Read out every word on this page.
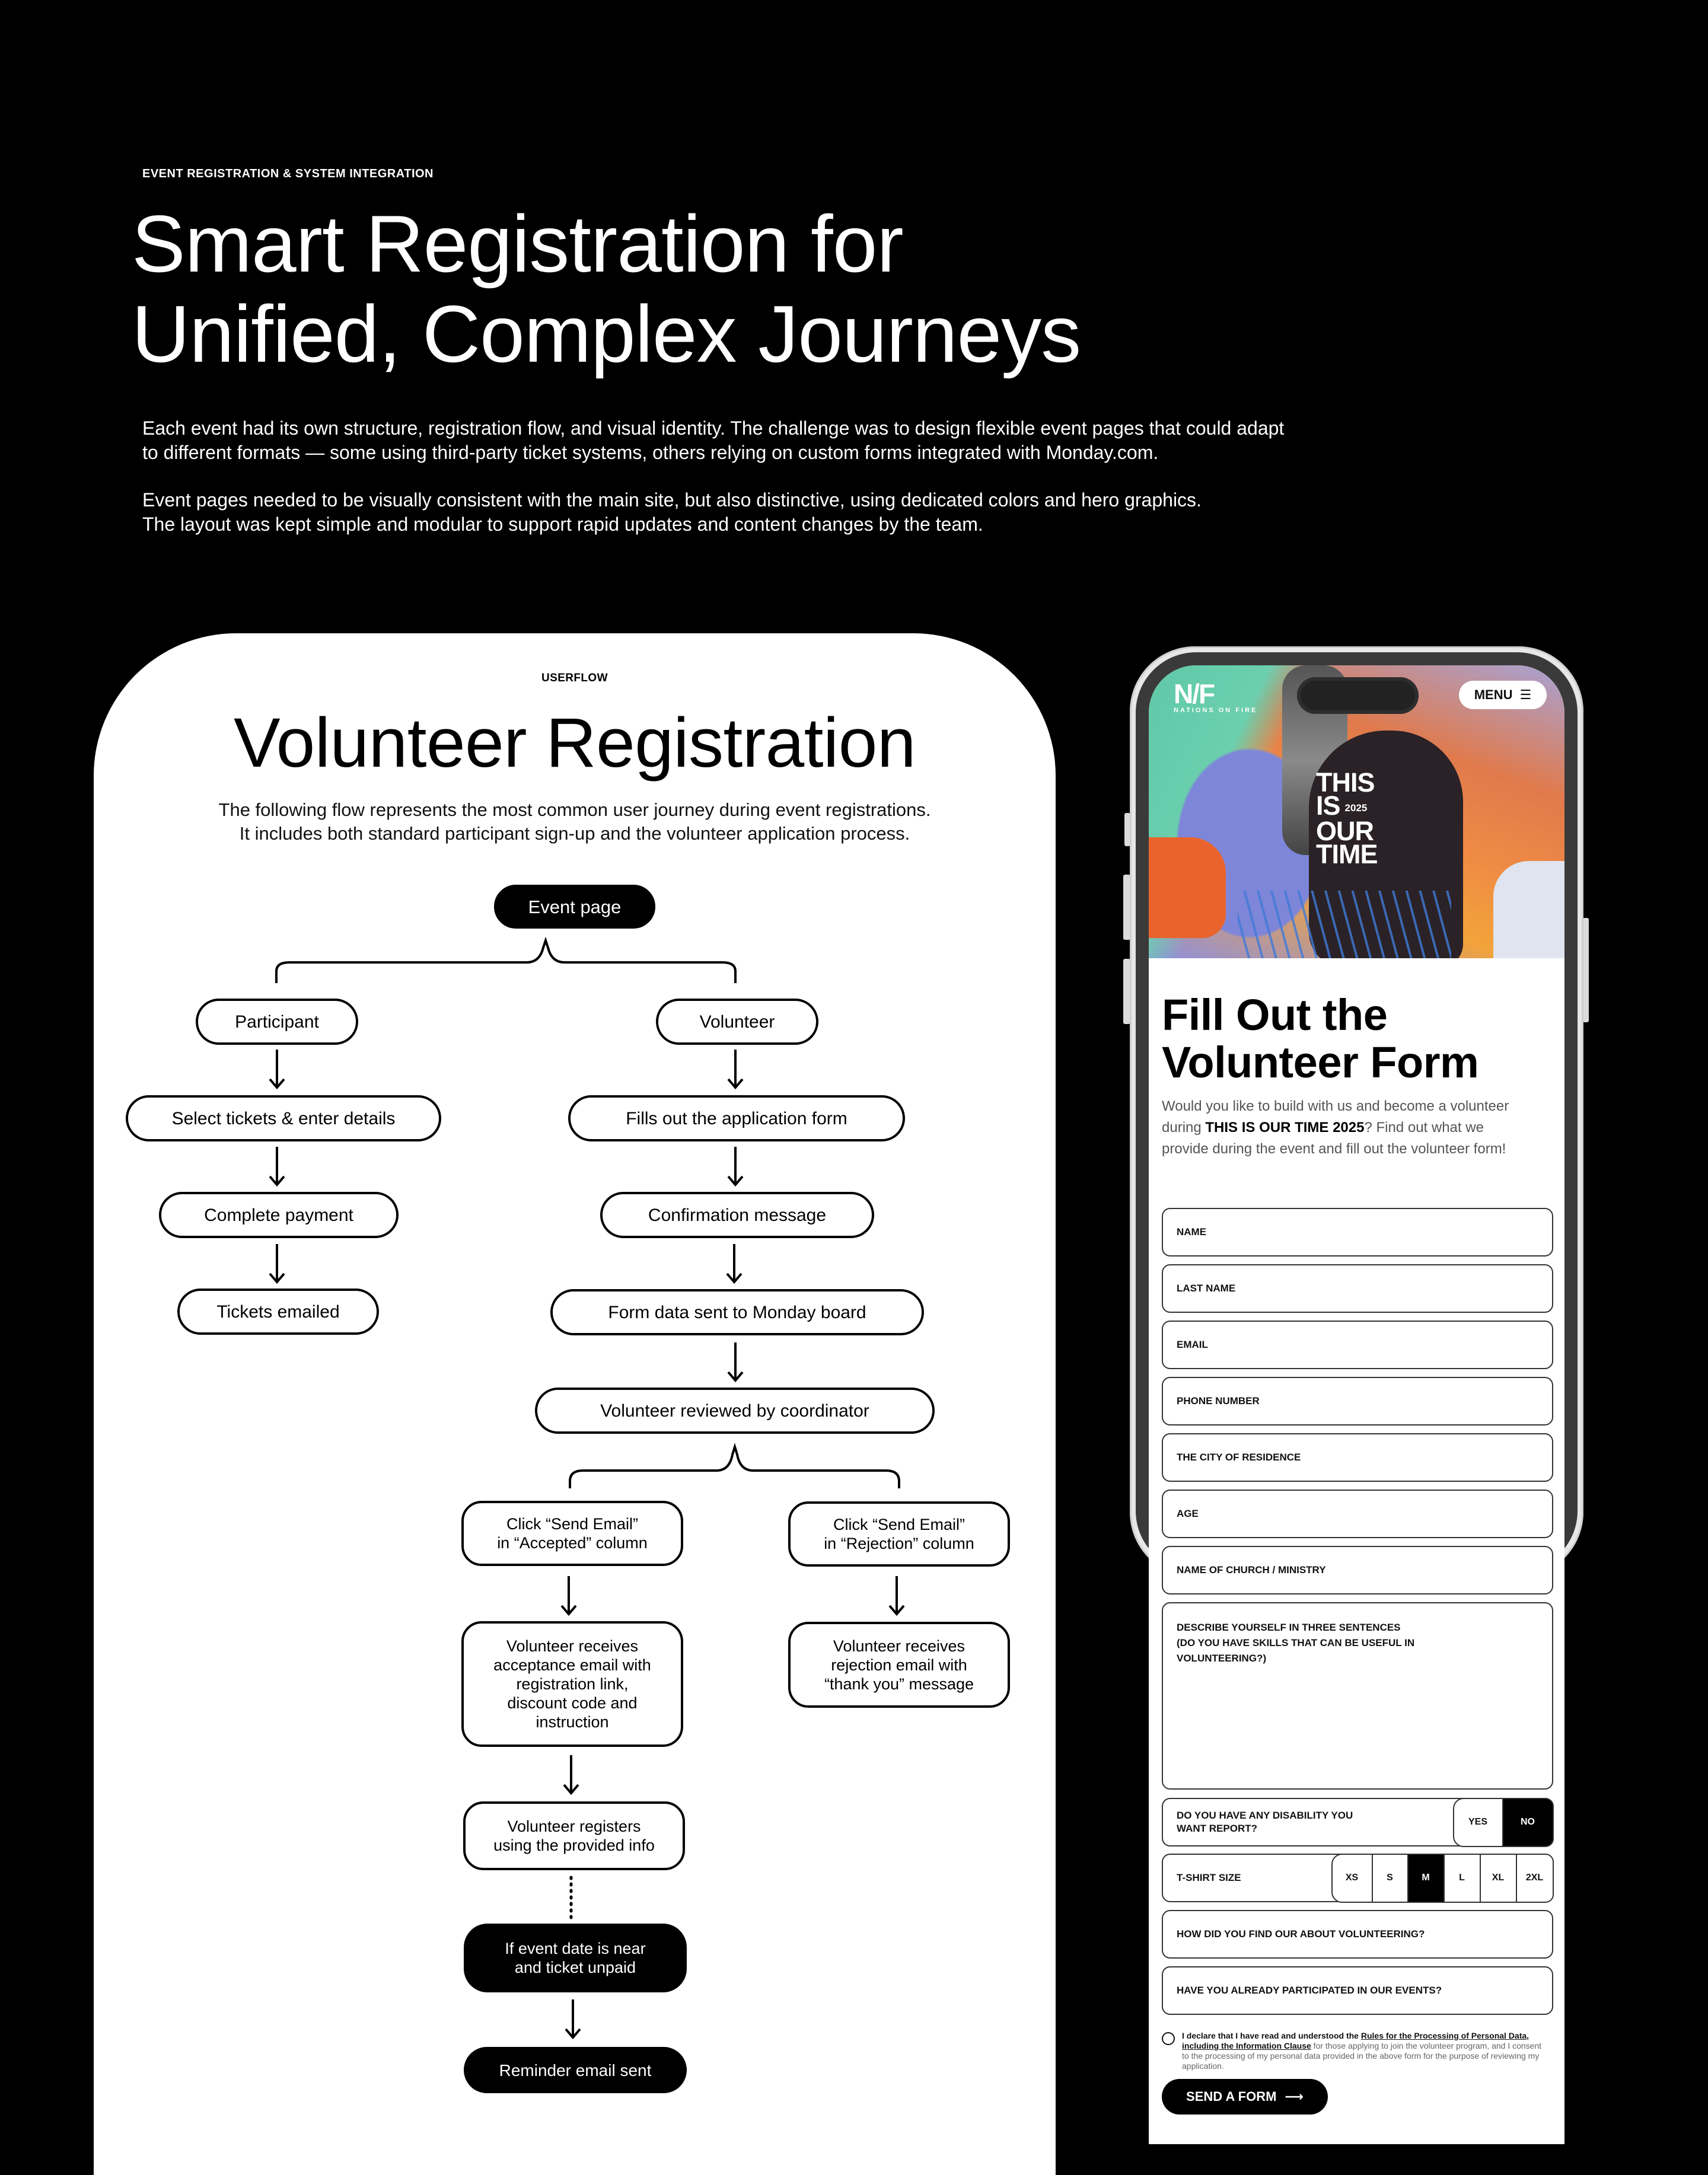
EVENT REGISTRATION & SYSTEM INTEGRATION
Smart Registration for
Unified, Complex Journeys

Each event had its own structure, registration flow, and visual identity. The challenge was to design flexible event pages that could adapt
to different formats — some using third-party ticket systems, others relying on custom forms integrated with Monday.com.

Event pages needed to be visually consistent with the main site, but also distinctive, using dedicated colors and hero graphics.
The layout was kept simple and modular to support rapid updates and content changes by the team.

USERFLOW
Volunteer Registration
The following flow represents the most common user journey during event registrations.
It includes both standard participant sign-up and the volunteer application process.
Event page
Participant	Volunteer
Select tickets & enter details
Complete payment
Tickets emailed
Fills out the application form
Confirmation message
Form data sent to Monday board
Volunteer reviewed by coordinator
Click “Send Email”
in “Accepted” column
Click “Send Email”
in “Rejection” column
Volunteer receives
acceptance email with
registration link,
discount code and
instruction
Volunteer receives
rejection email with
“thank you” message
Volunteer registers
using the provided info
If event date is near
and ticket unpaid
Reminder email sent
N/F
NATIONS ON FIRE
MENU ☰
THIS
IS 2025
OUR
TIME
Fill Out the
Volunteer Form
Would you like to build with us and become a volunteer during THIS IS OUR TIME 2025? Find out what we provide during the event and fill out the volunteer form!
NAME
LAST NAME
EMAIL
PHONE NUMBER
THE CITY OF RESIDENCE
AGE
NAME OF CHURCH / MINISTRY
DESCRIBE YOURSELF IN THREE SENTENCES
(DO YOU HAVE SKILLS THAT CAN BE USEFUL IN
VOLUNTEERING?)
DO YOU HAVE ANY DISABILITY YOU
WANT REPORT?
YES	NO
T-SHIRT SIZE	XS	S	M	L	XL	2XL
HOW DID YOU FIND OUR ABOUT VOLUNTEERING?
HAVE YOU ALREADY PARTICIPATED IN OUR EVENTS?
I declare that I have read and understood the Rules for the Processing of Personal Data, including the Information Clause for those applying to join the volunteer program, and I consent to the processing of my personal data provided in the above form for the purpose of reviewing my application.
SEND A FORM ⟶
